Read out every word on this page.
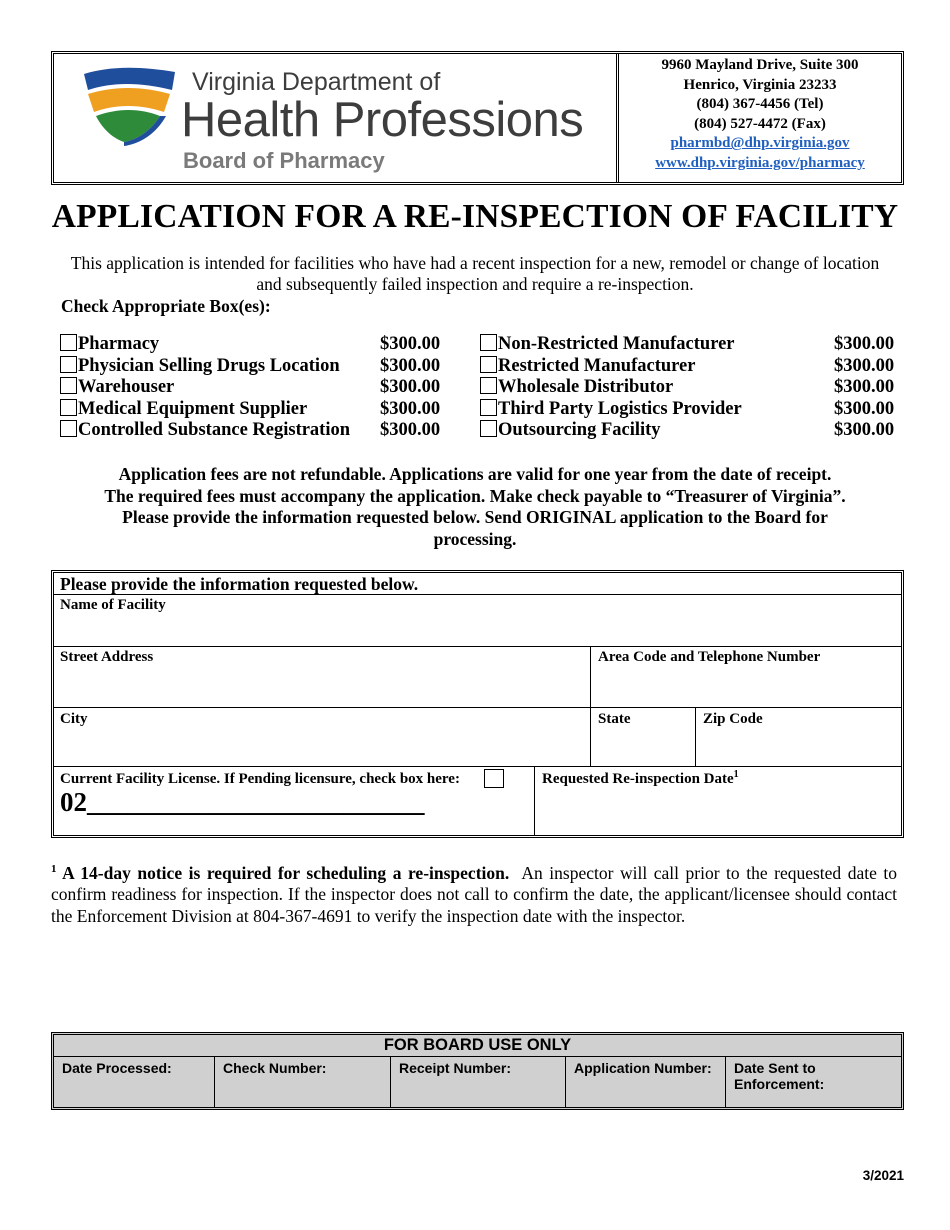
Virginia Department of
Health Professions
Board of Pharmacy
9960 Mayland Drive, Suite 300
Henrico, Virginia 23233
(804) 367-4456 (Tel)
(804) 527-4472 (Fax)
pharmbd@dhp.virginia.gov
www.dhp.virginia.gov/pharmacy
APPLICATION FOR A RE-INSPECTION OF FACILITY
This application is intended for facilities who have had a recent inspection for a new, remodel or change of location and subsequently failed inspection and require a re-inspection.
Check Appropriate Box(es):
Pharmacy	$300.00
Physician Selling Drugs Location $300.00
Warehouser	$300.00
Medical Equipment Supplier	$300.00
Controlled Substance Registration $300.00
Non-Restricted Manufacturer	$300.00
Restricted Manufacturer	$300.00
Wholesale Distributor	$300.00
Third Party Logistics Provider	$300.00
Outsourcing Facility	$300.00
Application fees are not refundable. Applications are valid for one year from the date of receipt.
The required fees must accompany the application. Make check payable to “Treasurer of Virginia”.
Please provide the information requested below. Send ORIGINAL application to the Board for
processing.
Please provide the information requested below.
Name of Facility
Street Address	Area Code and Telephone Number
City	State	Zip Code
Current Facility License. If Pending licensure, check box here:
02_________________________
Requested Re-inspection Date$^1$
$^1$ A 14-day notice is required for scheduling a re-inspection. An inspector will call prior to the requested date to confirm readiness for inspection. If the inspector does not call to confirm the date, the applicant/licensee should contact the Enforcement Division at 804-367-4691 to verify the inspection date with the inspector.
FOR BOARD USE ONLY
Date Processed:	Check Number:	Receipt Number:	Application Number:	Date Sent to Enforcement:
3/2021
